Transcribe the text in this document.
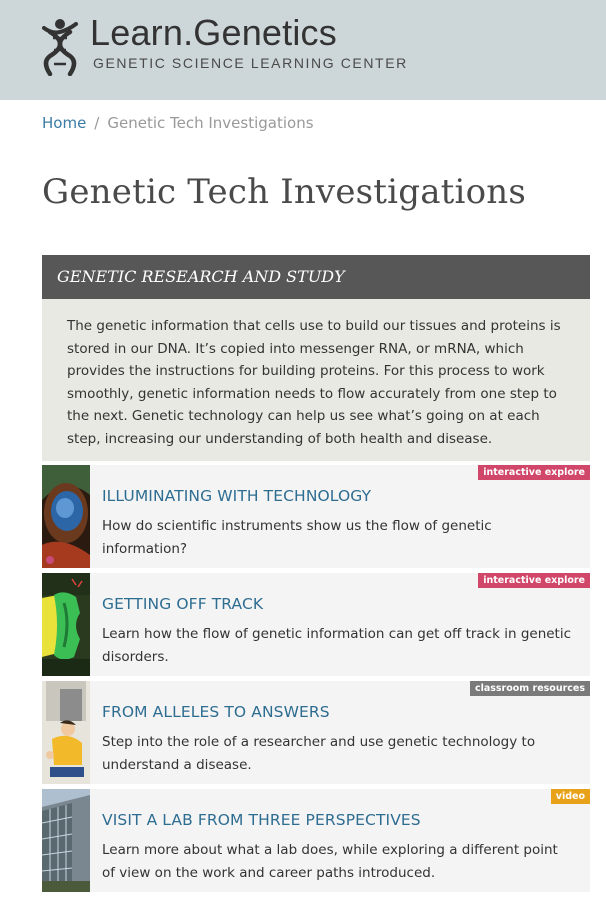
Learn.Genetics
GENETIC SCIENCE LEARNING CENTER
Home / Genetic Tech Investigations
Genetic Tech Investigations
GENETIC RESEARCH AND STUDY

The genetic information that cells use to build our tissues and proteins is stored in our DNA. It’s copied into messenger RNA, or mRNA, which provides the instructions for building proteins. For this process to work smoothly, genetic information needs to flow accurately from one step to the next. Genetic technology can help us see what’s going on at each step, increasing our understanding of both health and disease.

interactive explore
ILLUMINATING WITH TECHNOLOGY

How do scientific instruments show us the flow of genetic information?

interactive explore
GETTING OFF TRACK

Learn how the flow of genetic information can get off track in genetic disorders.

classroom resources
FROM ALLELES TO ANSWERS

Step into the role of a researcher and use genetic technology to understand a disease.

video
VISIT A LAB FROM THREE PERSPECTIVES

Learn more about what a lab does, while exploring a different point of view on the work and career paths introduced.
